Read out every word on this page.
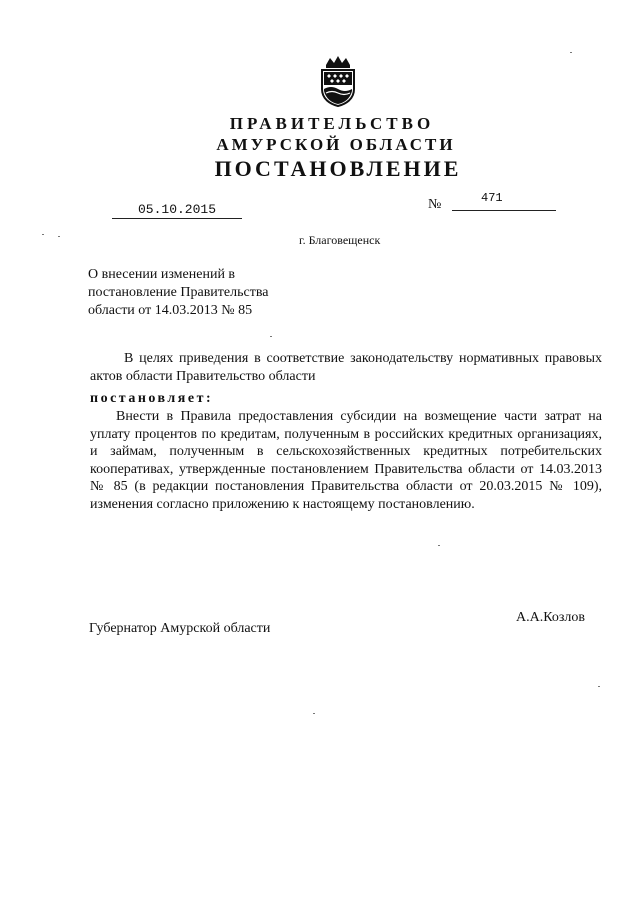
ПРАВИТЕЛЬСТВО
АМУРСКОЙ ОБЛАСТИ
ПОСТАНОВЛЕНИЕ
05.10.2015	№	471
г. Благовещенск
О внесении изменений в постановление Правительства области от 14.03.2013 № 85
В целях приведения в соответствие законодательству нормативных правовых актов области Правительство области
постановляет:
Внести в Правила предоставления субсидии на возмещение части затрат на уплату процентов по кредитам, полученным в российских кредитных организациях, и займам, полученным в сельскохозяйственных кредитных потребительских кооперативах, утвержденные постановлением Правительства области от 14.03.2013 № 85 (в редакции постановления Правительства области от 20.03.2015 № 109), изменения согласно приложению к настоящему постановлению.
Губернатор Амурской области
А.А.Козлов
